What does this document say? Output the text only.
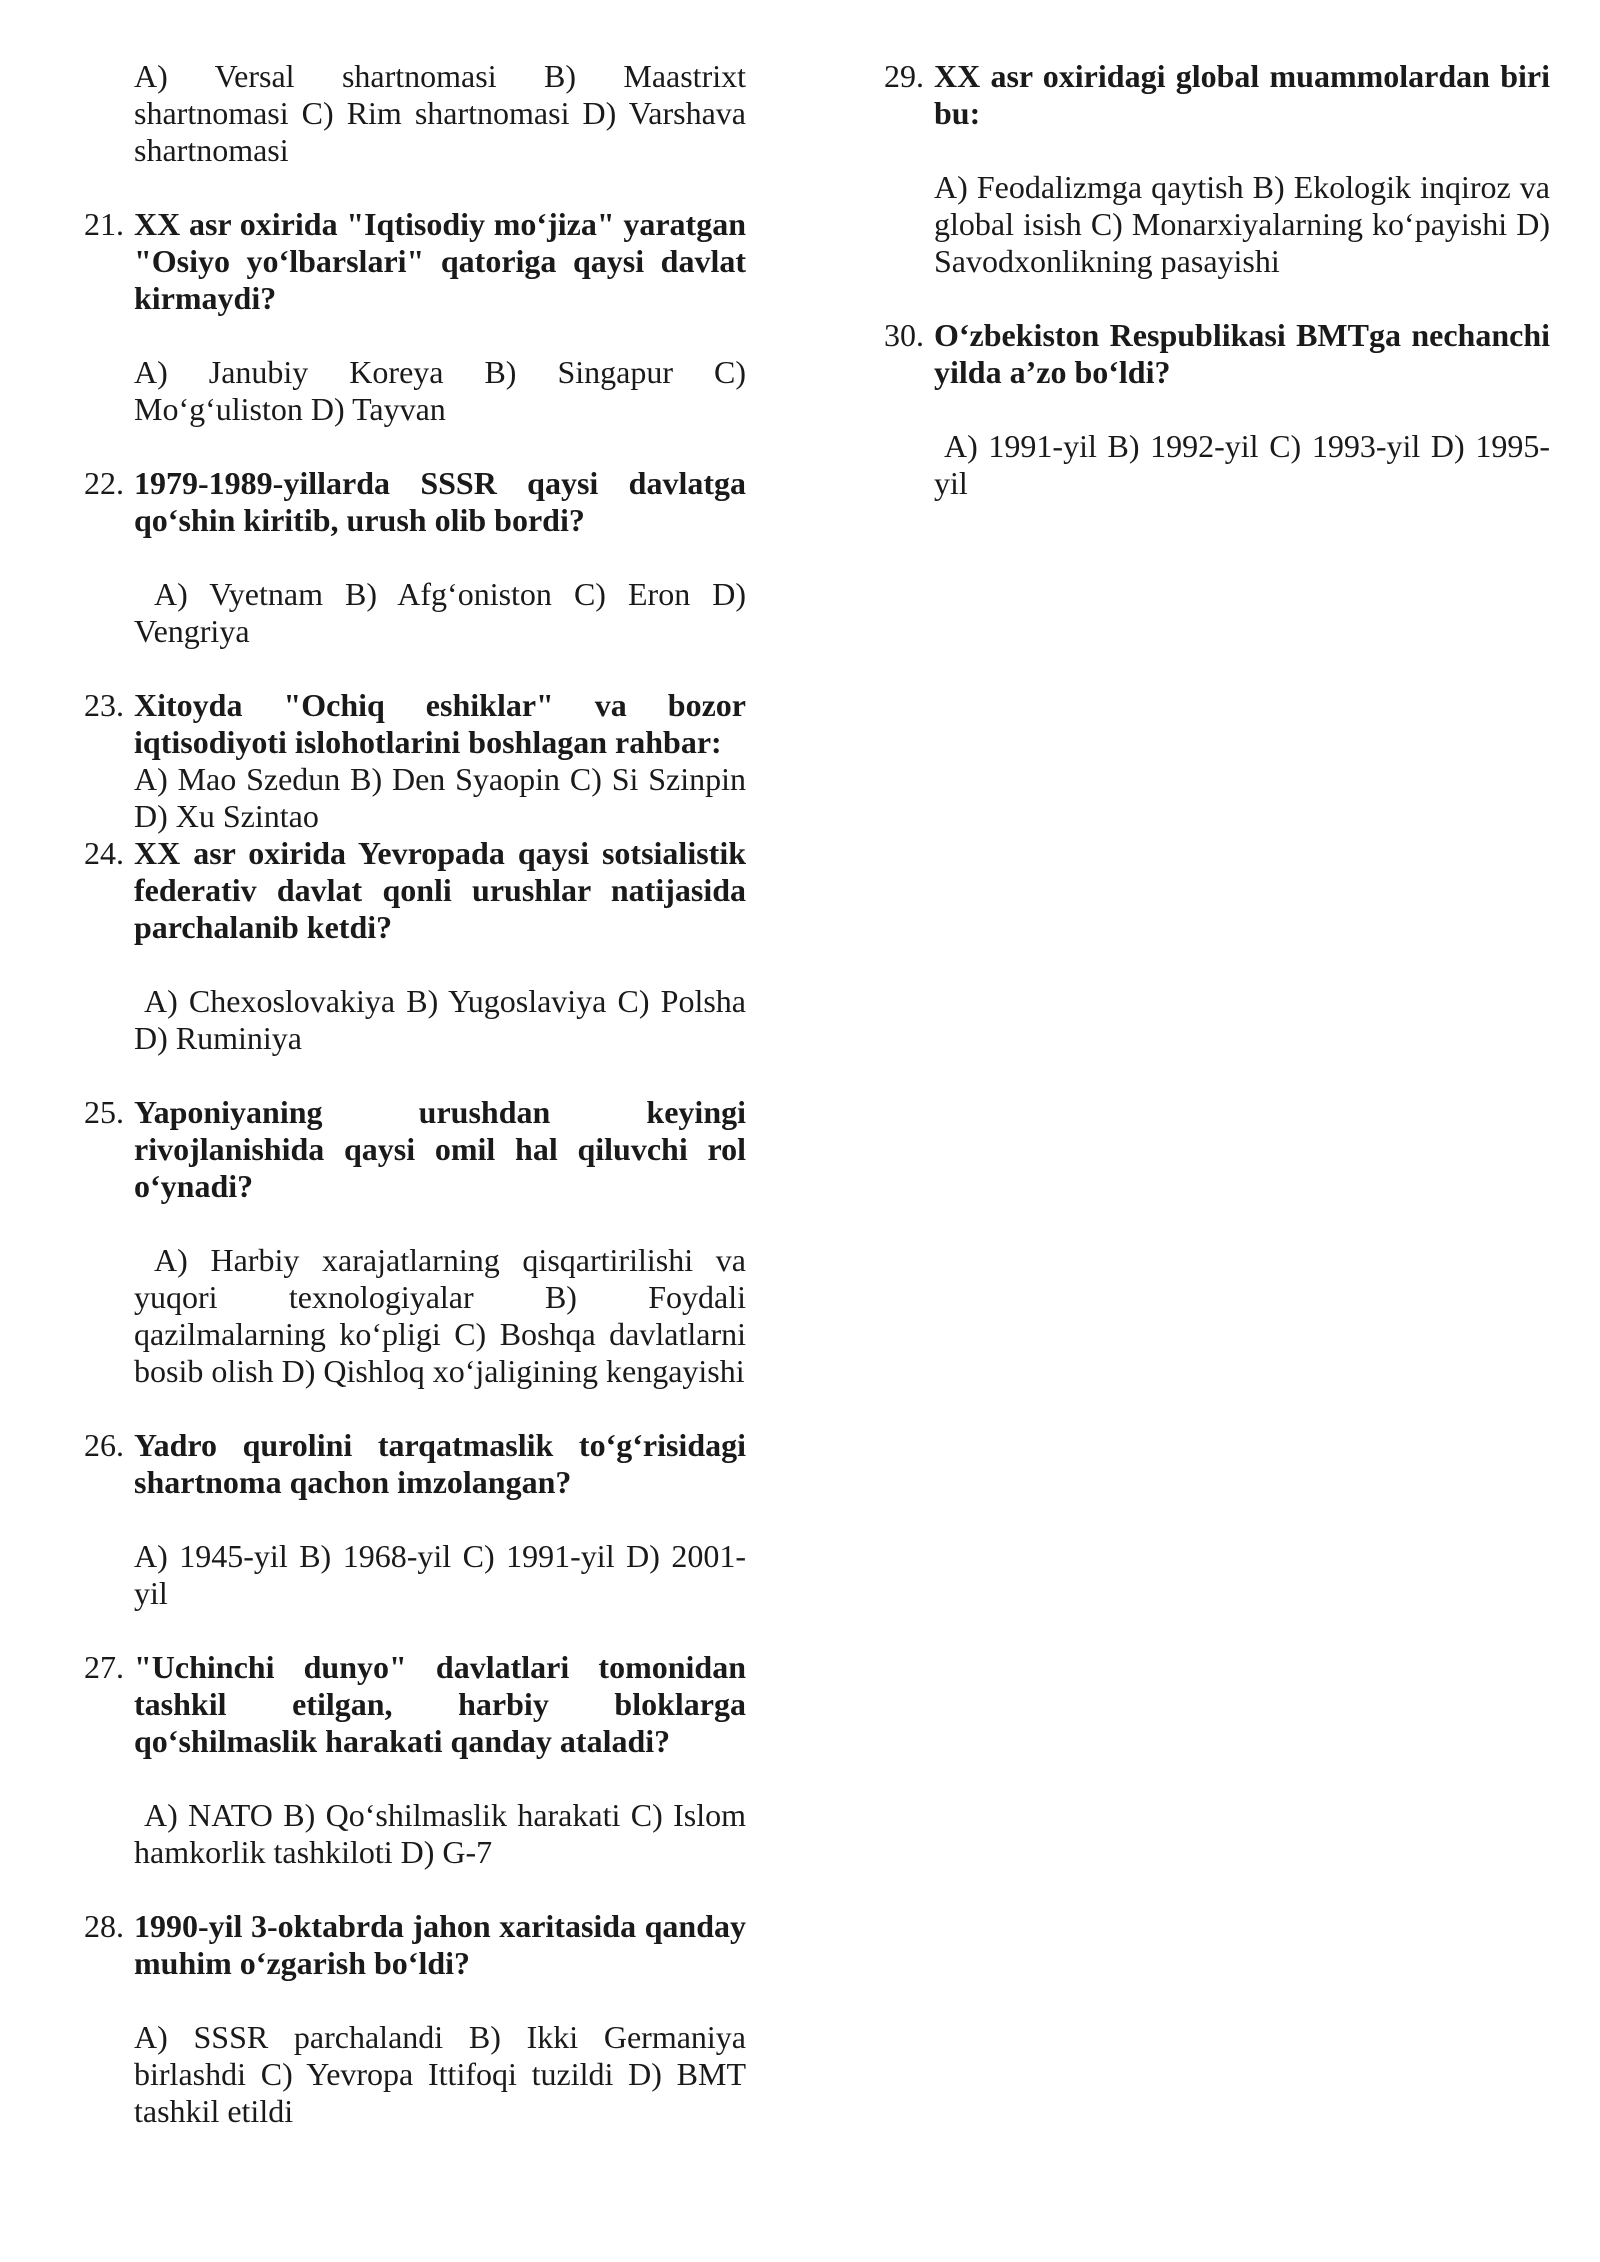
A) Versal shartnomasi B) Maastrixt shartnomasi C) Rim shartnomasi D) Varshava shartnomasi
21. XX asr oxirida "Iqtisodiy moʻjiza" yaratgan "Osiyo yoʻlbarslari" qatoriga qaysi davlat kirmaydi?
A) Janubiy Koreya B) Singapur C) Moʻgʻuliston D) Tayvan
22. 1979-1989-yillarda SSSR qaysi davlatga qoʻshin kiritib, urush olib bordi?
A) Vyetnam B) Afgʻoniston C) Eron D) Vengriya
23. Xitoyda "Ochiq eshiklar" va bozor iqtisodiyoti islohotlarini boshlagan rahbar:
A) Mao Szedun B) Den Syaopin C) Si Szinpin D) Xu Szintao
24. XX asr oxirida Yevropada qaysi sotsialistik federativ davlat qonli urushlar natijasida parchalanib ketdi?
A) Chexoslovakiya B) Yugoslaviya C) Polsha D) Ruminiya
25. Yaponiyaning urushdan keyingi rivojlanishida qaysi omil hal qiluvchi rol oʻynadi?
A) Harbiy xarajatlarning qisqartirilishi va yuqori texnologiyalar B) Foydali qazilmalarning koʻpligi C) Boshqa davlatlarni bosib olish D) Qishloq xoʻjaligining kengayishi
26. Yadro qurolini tarqatmaslik toʻgʻrisidagi shartnoma qachon imzolangan?
A) 1945-yil B) 1968-yil C) 1991-yil D) 2001-yil
27. "Uchinchi dunyo" davlatlari tomonidan tashkil etilgan, harbiy bloklarga qoʻshilmaslik harakati qanday ataladi?
A) NATO B) Qoʻshilmaslik harakati C) Islom hamkorlik tashkiloti D) G-7
28. 1990-yil 3-oktabrda jahon xaritasida qanday muhim oʻzgarish boʻldi?
A) SSSR parchalandi B) Ikki Germaniya birlashdi C) Yevropa Ittifoqi tuzildi D) BMT tashkil etildi
29. XX asr oxiridagi global muammolardan biri bu:
A) Feodalizmga qaytish B) Ekologik inqiroz va global isish C) Monarxiyalarning koʻpayishi D) Savodxonlikning pasayishi
30. Oʻzbekiston Respublikasi BMTga nechanchi yilda a’zo boʻldi?
A) 1991-yil B) 1992-yil C) 1993-yil D) 1995-yil
